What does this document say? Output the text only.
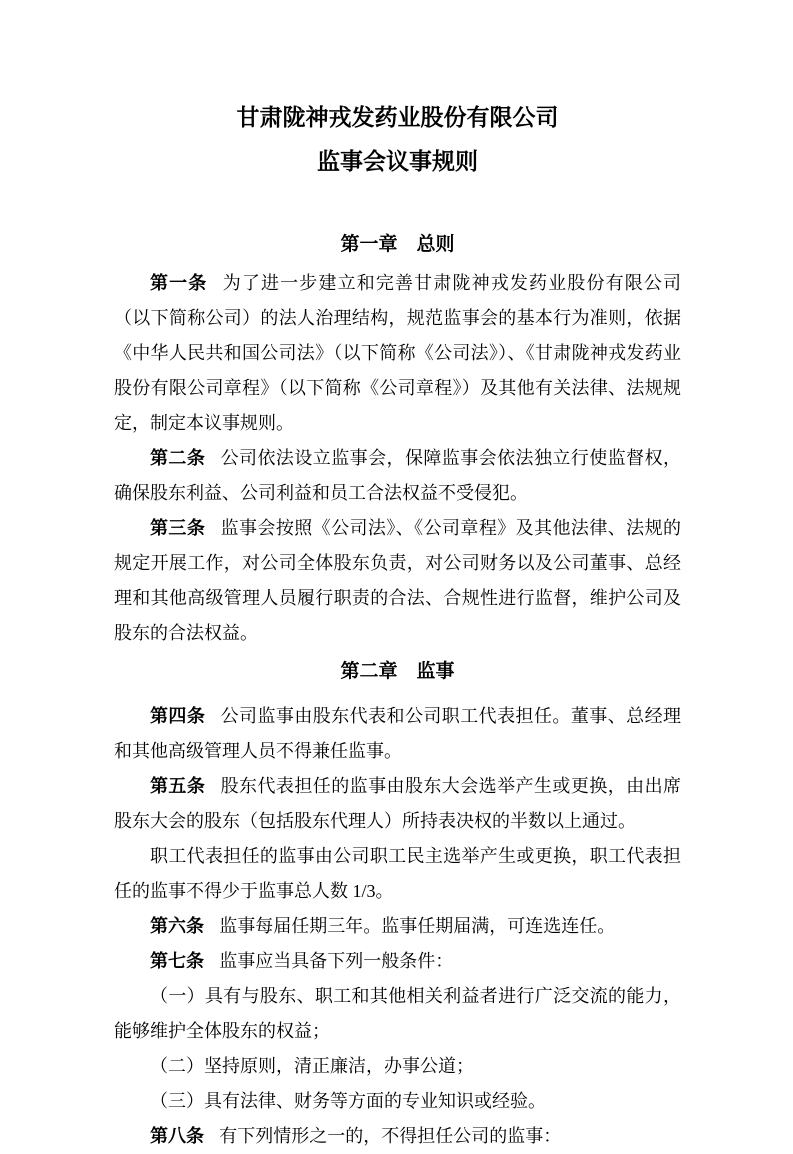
甘肃陇神戎发药业股份有限公司
监事会议事规则
第一章　总则

第一条 为了进一步建立和完善甘肃陇神戎发药业股份有限公司（以下简称公司）的法人治理结构，规范监事会的基本行为准则，依据《中华人民共和国公司法》（以下简称《公司法》）、《甘肃陇神戎发药业股份有限公司章程》（以下简称《公司章程》）及其他有关法律、法规规定，制定本议事规则。

第二条 公司依法设立监事会，保障监事会依法独立行使监督权，确保股东利益、公司利益和员工合法权益不受侵犯。

第三条 监事会按照《公司法》、《公司章程》及其他法律、法规的规定开展工作，对公司全体股东负责，对公司财务以及公司董事、总经理和其他高级管理人员履行职责的合法、合规性进行监督，维护公司及股东的合法权益。

第二章　监事

第四条 公司监事由股东代表和公司职工代表担任。董事、总经理和其他高级管理人员不得兼任监事。

第五条 股东代表担任的监事由股东大会选举产生或更换，由出席股东大会的股东（包括股东代理人）所持表决权的半数以上通过。

职工代表担任的监事由公司职工民主选举产生或更换，职工代表担任的监事不得少于监事总人数 1/3。

第六条 监事每届任期三年。监事任期届满，可连选连任。

第七条 监事应当具备下列一般条件：

（一）具有与股东、职工和其他相关利益者进行广泛交流的能力，能够维护全体股东的权益；

（二）坚持原则，清正廉洁，办事公道；

（三）具有法律、财务等方面的专业知识或经验。

第八条 有下列情形之一的，不得担任公司的监事：
